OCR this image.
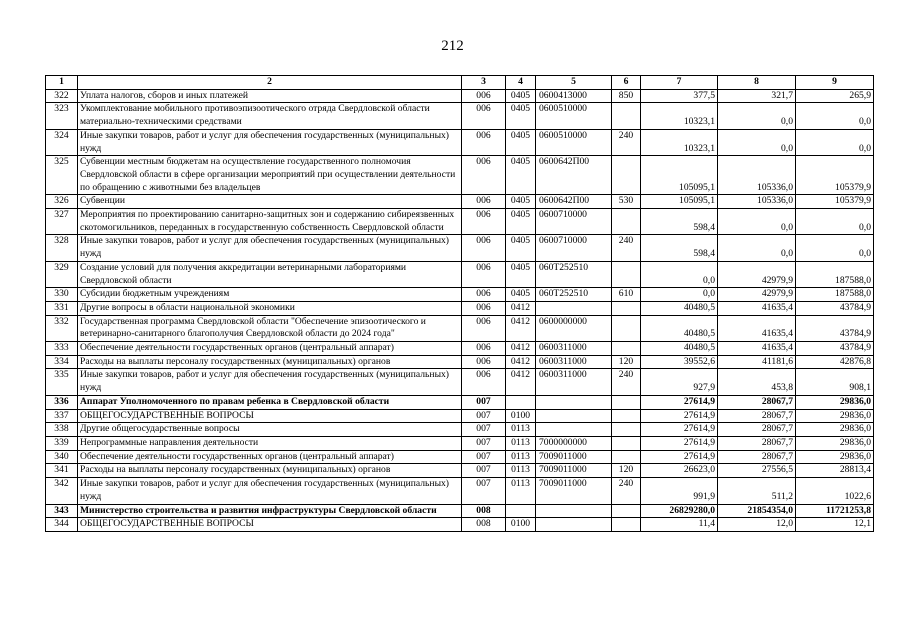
212
1	2	3	4	5	6	7	8	9
322	Уплата налогов, сборов и иных платежей	006	0405	0600413000	850	377,5	321,7	265,9
323	Укомплектование мобильного противоэпизоотического отряда Свердловской области материально-техническими средствами	006	0405	0600510000		10323,1	0,0	0,0
324	Иные закупки товаров, работ и услуг для обеспечения государственных (муниципальных) нужд	006	0405	0600510000	240	10323,1	0,0	0,0
325	Субвенции местным бюджетам на осуществление государственного полномочия Свердловской области в сфере организации мероприятий при осуществлении деятельности по обращению с животными без владельцев	006	0405	0600642П00		105095,1	105336,0	105379,9
326	Субвенции	006	0405	0600642П00	530	105095,1	105336,0	105379,9
327	Мероприятия по проектированию санитарно-защитных зон и содержанию сибиреязвенных скотомогильников, переданных в государственную собственность Свердловской области	006	0405	0600710000		598,4	0,0	0,0
328	Иные закупки товаров, работ и услуг для обеспечения государственных (муниципальных) нужд	006	0405	0600710000	240	598,4	0,0	0,0
329	Создание условий для получения аккредитации ветеринарными лабораториями Свердловской области	006	0405	060Т252510		0,0	42979,9	187588,0
330	Субсидии бюджетным учреждениям	006	0405	060Т252510	610	0,0	42979,9	187588,0
331	Другие вопросы в области национальной экономики	006	0412			40480,5	41635,4	43784,9
332	Государственная программа Свердловской области "Обеспечение эпизоотического и ветеринарно-санитарного благополучия Свердловской области до 2024 года"	006	0412	0600000000		40480,5	41635,4	43784,9
333	Обеспечение деятельности государственных органов (центральный аппарат)	006	0412	0600311000		40480,5	41635,4	43784,9
334	Расходы на выплаты персоналу государственных (муниципальных) органов	006	0412	0600311000	120	39552,6	41181,6	42876,8
335	Иные закупки товаров, работ и услуг для обеспечения государственных (муниципальных) нужд	006	0412	0600311000	240	927,9	453,8	908,1
336	Аппарат Уполномоченного по правам ребенка в Свердловской области	007				27614,9	28067,7	29836,0
337	ОБЩЕГОСУДАРСТВЕННЫЕ ВОПРОСЫ	007	0100			27614,9	28067,7	29836,0
338	Другие общегосударственные вопросы	007	0113			27614,9	28067,7	29836,0
339	Непрограммные направления деятельности	007	0113	7000000000		27614,9	28067,7	29836,0
340	Обеспечение деятельности государственных органов (центральный аппарат)	007	0113	7009011000		27614,9	28067,7	29836,0
341	Расходы на выплаты персоналу государственных (муниципальных) органов	007	0113	7009011000	120	26623,0	27556,5	28813,4
342	Иные закупки товаров, работ и услуг для обеспечения государственных (муниципальных) нужд	007	0113	7009011000	240	991,9	511,2	1022,6
343	Министерство строительства и развития инфраструктуры Свердловской области	008				26829280,0	21854354,0	11721253,8
344	ОБЩЕГОСУДАРСТВЕННЫЕ ВОПРОСЫ	008	0100			11,4	12,0	12,1
